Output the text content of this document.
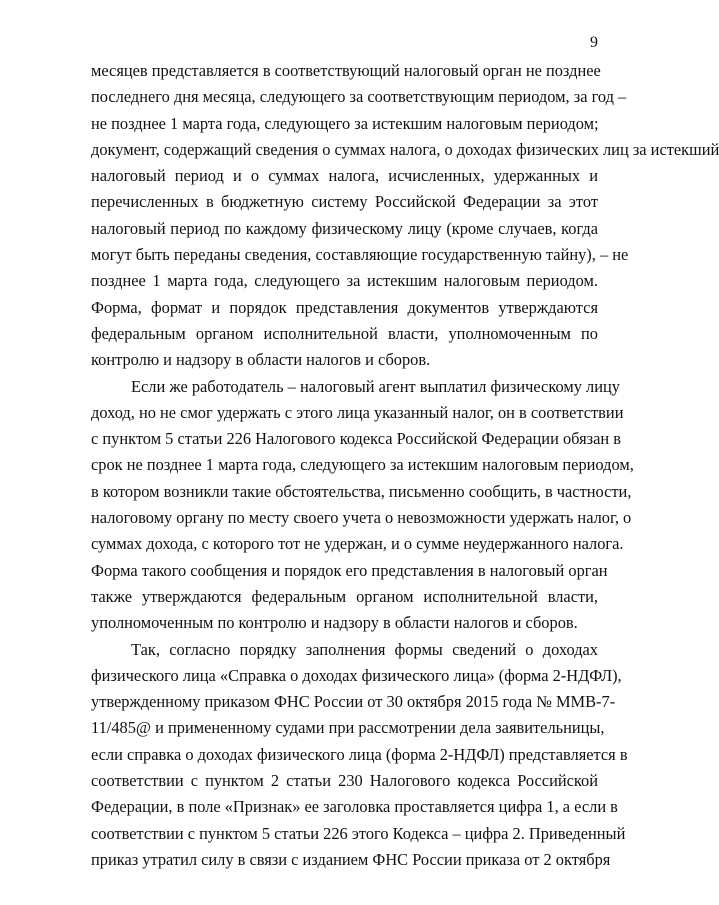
9

месяцев представляется в соответствующий налоговый орган не позднее
последнего дня месяца, следующего за соответствующим периодом, за год –
не позднее 1 марта года, следующего за истекшим налоговым периодом;
документ, содержащий сведения о суммах налога, о доходах физических лиц за истекший
налоговый период и о суммах налога, исчисленных, удержанных и
перечисленных в бюджетную систему Российской Федерации за этот
налоговый период по каждому физическому лицу (кроме случаев, когда
могут быть переданы сведения, составляющие государственную тайну), – не
позднее 1 марта года, следующего за истекшим налоговым периодом.
Форма, формат и порядок представления документов утверждаются
федеральным органом исполнительной власти, уполномоченным по
контролю и надзору в области налогов и сборов.

Если же работодатель – налоговый агент выплатил физическому лицу
доход, но не смог удержать с этого лица указанный налог, он в соответствии
с пунктом 5 статьи 226 Налогового кодекса Российской Федерации обязан в
срок не позднее 1 марта года, следующего за истекшим налоговым периодом,
в котором возникли такие обстоятельства, письменно сообщить, в частности,
налоговому органу по месту своего учета о невозможности удержать налог, о
суммах дохода, с которого тот не удержан, и о сумме неудержанного налога.
Форма такого сообщения и порядок его представления в налоговый орган
также утверждаются федеральным органом исполнительной власти,
уполномоченным по контролю и надзору в области налогов и сборов.

Так, согласно порядку заполнения формы сведений о доходах
физического лица «Справка о доходах физического лица» (форма 2-НДФЛ),
утвержденному приказом ФНС России от 30 октября 2015 года № ММВ-7-
11/485@ и примененному судами при рассмотрении дела заявительницы,
если справка о доходах физического лица (форма 2-НДФЛ) представляется в
соответствии с пунктом 2 статьи 230 Налогового кодекса Российской
Федерации, в поле «Признак» ее заголовка проставляется цифра 1, а если в
соответствии с пунктом 5 статьи 226 этого Кодекса – цифра 2. Приведенный
приказ утратил силу в связи с изданием ФНС России приказа от 2 октября
